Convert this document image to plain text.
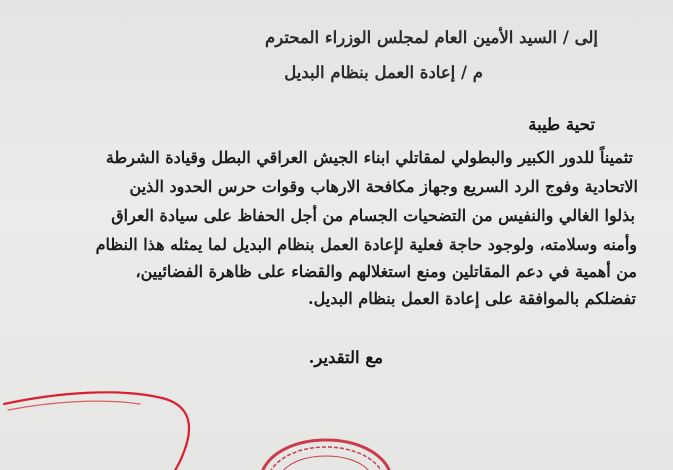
إلى / السيد الأمين العام لمجلس الوزراء المحترم
م / إعادة العمل بنظام البديل
تحية طيبة
تثميناً للدور الكبير والبطولي لمقاتلي ابناء الجيش العراقي البطل وقيادة الشرطة
الاتحادية وفوج الرد السريع وجهاز مكافحة الارهاب وقوات حرس الحدود الذين
بذلوا الغالي والنفيس من التضحيات الجسام من أجل الحفاظ على سيادة العراق
وأمنه وسلامته، ولوجود حاجة فعلية لإعادة العمل بنظام البديل لما يمثله هذا النظام
من أهمية في دعم المقاتلين ومنع استغلالهم والقضاء على ظاهرة الفضائيين،
تفضلكم بالموافقة على إعادة العمل بنظام البديل.
مع التقدير.
